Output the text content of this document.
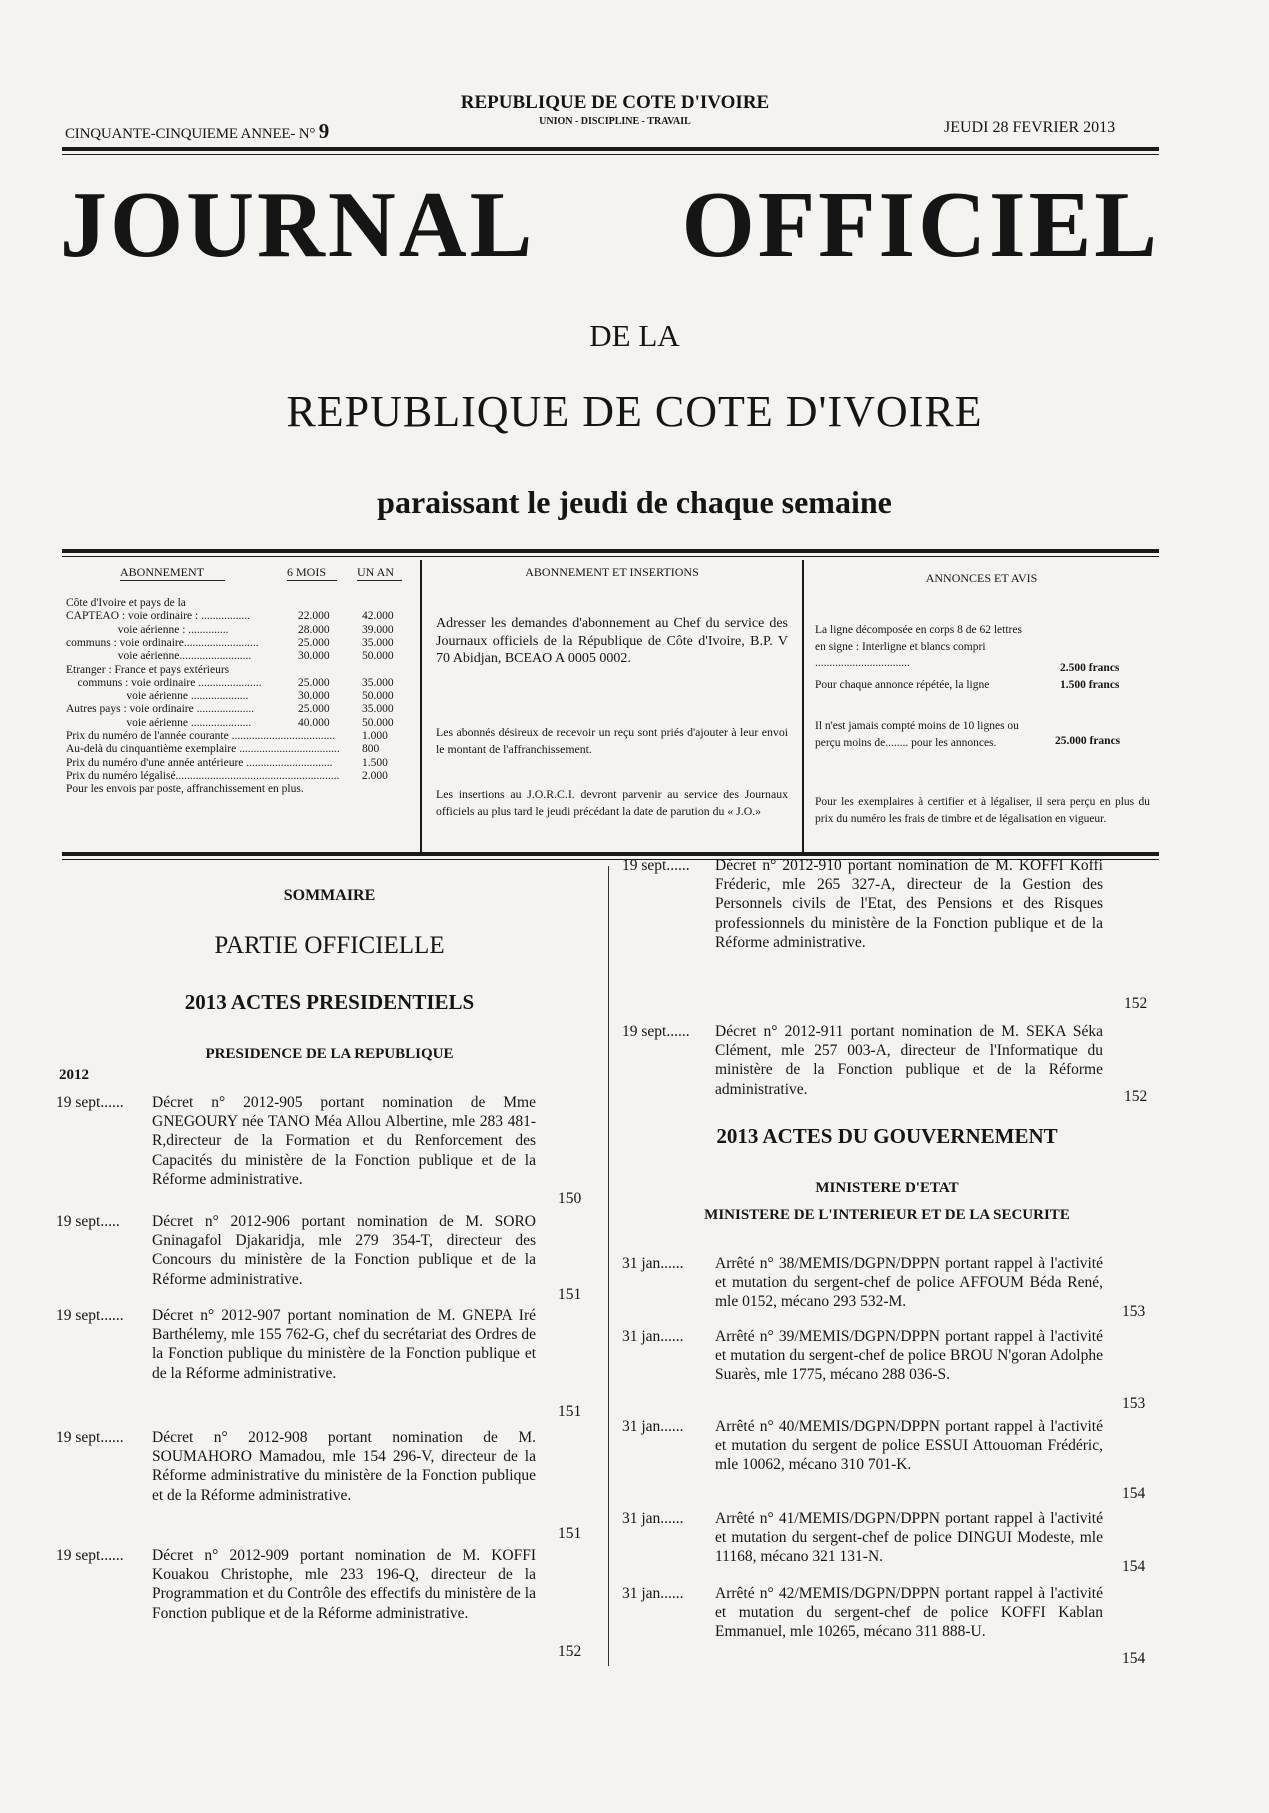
CINQUANTE-CINQUIEME ANNEE- N° 9
REPUBLIQUE DE COTE D'IVOIRE
UNION - DISCIPLINE - TRAVAIL	JEUDI 28 FEVRIER 2013
JOURNAL OFFICIEL
DE LA
REPUBLIQUE DE COTE D'IVOIRE
paraissant le jeudi de chaque semaine
ABONNEMENT	6 MOIS	UN AN
Côte d'Ivoire et pays de la
CAPTEAO : voie ordinaire : .................	22.000	42.000
voie aérienne : ..............	28.000	39.000
communs : voie ordinaire..........................	25.000	35.000
voie aérienne.........................	30.000	50.000
Etranger : France et pays extérieurs
communs : voie ordinaire ......................	25.000	35.000
voie aérienne ....................	30.000	50.000
Autres pays : voie ordinaire ....................	25.000	35.000
voie aérienne .....................	40.000	50.000
Prix du numéro de l'année courante .................................... 1.000
Au-delà du cinquantième exemplaire ................................... 800
Prix du numéro d'une année antérieure ..............................	1.500
Prix du numéro légalisé......................................................... 2.000
Pour les envois par poste, affranchissement en plus.
ABONNEMENT ET INSERTIONS
Adresser les demandes d'abonnement au Chef du service des Journaux officiels de la République de Côte d'Ivoire, B.P. V 70 Abidjan, BCEAO A 0005 0002.
Les abonnés désireux de recevoir un reçu sont priés d'ajouter à leur envoi le montant de l'affranchissement.
Les insertions au J.O.R.C.I. devront parvenir au service des Journaux officiels au plus tard le jeudi précédant la date de parution du « J.O.»
ANNONCES ET AVIS
La ligne décomposée en corps 8 de 62 lettres en signe : Interligne et blancs compri .................................	2.500 francs
Pour chaque annonce répétée, la ligne	1.500 francs
Il n'est jamais compté moins de 10 lignes ou perçu moins de........ pour les annonces.	25.000 francs
Pour les exemplaires à certifier et à légaliser, il sera perçu en plus du prix du numéro les frais de timbre et de légalisation en vigueur.
SOMMAIRE
PARTIE OFFICIELLE
2013 ACTES PRESIDENTIELS
PRESIDENCE DE LA REPUBLIQUE
2012
19 sept...... Décret n° 2012-905 portant nomination de Mme GNEGOURY née TANO Méa Allou Albertine, mle 283 481-R,directeur de la Formation et du Renforcement des Capacités du ministère de la Fonction publique et de la Réforme administrative.
150
19 sept..... Décret n° 2012-906 portant nomination de M. SORO Gninagafol Djakaridja, mle 279 354-T, directeur des Concours du ministère de la Fonction publique et de la Réforme administrative.
151
19 sept...... Décret n° 2012-907 portant nomination de M. GNEPA Iré Barthélemy, mle 155 762-G, chef du secrétariat des Ordres de la Fonction publique du ministère de la Fonction publique et de la Réforme administrative.
151
19 sept...... Décret n° 2012-908 portant nomination de M. SOUMAHORO Mamadou, mle 154 296-V, directeur de la Réforme administrative du ministère de la Fonction publique et de la Réforme administrative.
151
19 sept...... Décret n° 2012-909 portant nomination de M. KOFFI Kouakou Christophe, mle 233 196-Q, directeur de la Programmation et du Contrôle des effectifs du ministère de la Fonction publique et de la Réforme administrative.
152
19 sept...... Décret n° 2012-910 portant nomination de M. KOFFI Koffi Fréderic, mle 265 327-A, directeur de la Gestion des Personnels civils de l'Etat, des Pensions et des Risques professionnels du ministère de la Fonction publique et de la Réforme administrative.
152
19 sept...... Décret n° 2012-911 portant nomination de M. SEKA Séka Clément, mle 257 003-A, directeur de l'Informatique du ministère de la Fonction publique et de la Réforme administrative.	152
2013 ACTES DU GOUVERNEMENT
MINISTERE D'ETAT
MINISTERE DE L'INTERIEUR ET DE LA SECURITE
31 jan...... Arrêté n° 38/MEMIS/DGPN/DPPN portant rappel à l'activité et mutation du sergent-chef de police AFFOUM Béda René, mle 0152, mécano 293 532-M.
153
31 jan...... Arrêté n° 39/MEMIS/DGPN/DPPN portant rappel à l'activité et mutation du sergent-chef de police BROU N'goran Adolphe Suarès, mle 1775, mécano 288 036-S.
153
31 jan...... Arrêté n° 40/MEMIS/DGPN/DPPN portant rappel à l'activité et mutation du sergent de police ESSUI Attouoman Frédéric, mle 10062, mécano 310 701-K.
154
31 jan...... Arrêté n° 41/MEMIS/DGPN/DPPN portant rappel à l'activité et mutation du sergent-chef de police DINGUI Modeste, mle 11168, mécano 321 131-N.
154
31 jan...... Arrêté n° 42/MEMIS/DGPN/DPPN portant rappel à l'activité et mutation du sergent-chef de police KOFFI Kablan Emmanuel, mle 10265, mécano 311 888-U.
154
